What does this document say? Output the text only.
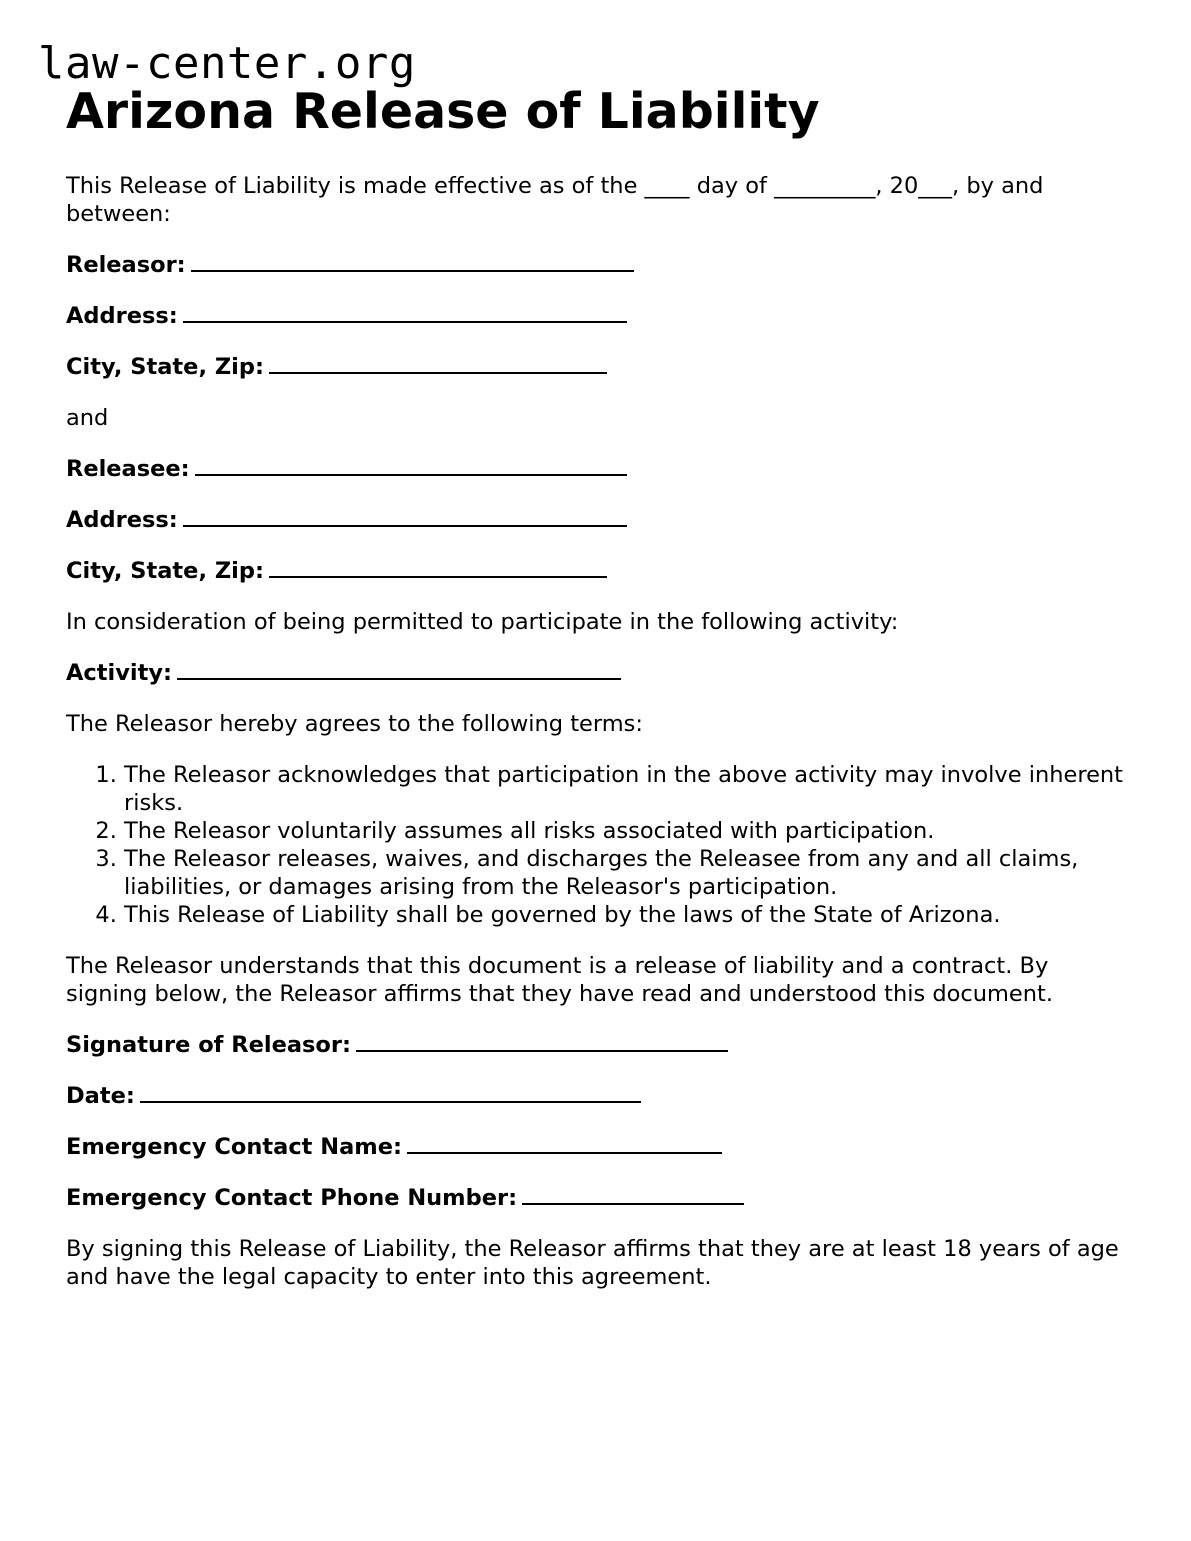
law-center.org
Arizona Release of Liability

This Release of Liability is made effective as of the ____ day of _________, 20___, by and between:

Releasor:
Address:
City, State, Zip:

and

Releasee:
Address:
City, State, Zip:

In consideration of being permitted to participate in the following activity:

Activity:

The Releasor hereby agrees to the following terms:

1. The Releasor acknowledges that participation in the above activity may involve inherent risks.
2. The Releasor voluntarily assumes all risks associated with participation.
3. The Releasor releases, waives, and discharges the Releasee from any and all claims, liabilities, or damages arising from the Releasor's participation.
4. This Release of Liability shall be governed by the laws of the State of Arizona.

The Releasor understands that this document is a release of liability and a contract. By signing below, the Releasor affirms that they have read and understood this document.

Signature of Releasor:
Date:
Emergency Contact Name:
Emergency Contact Phone Number:

By signing this Release of Liability, the Releasor affirms that they are at least 18 years of age and have the legal capacity to enter into this agreement.
